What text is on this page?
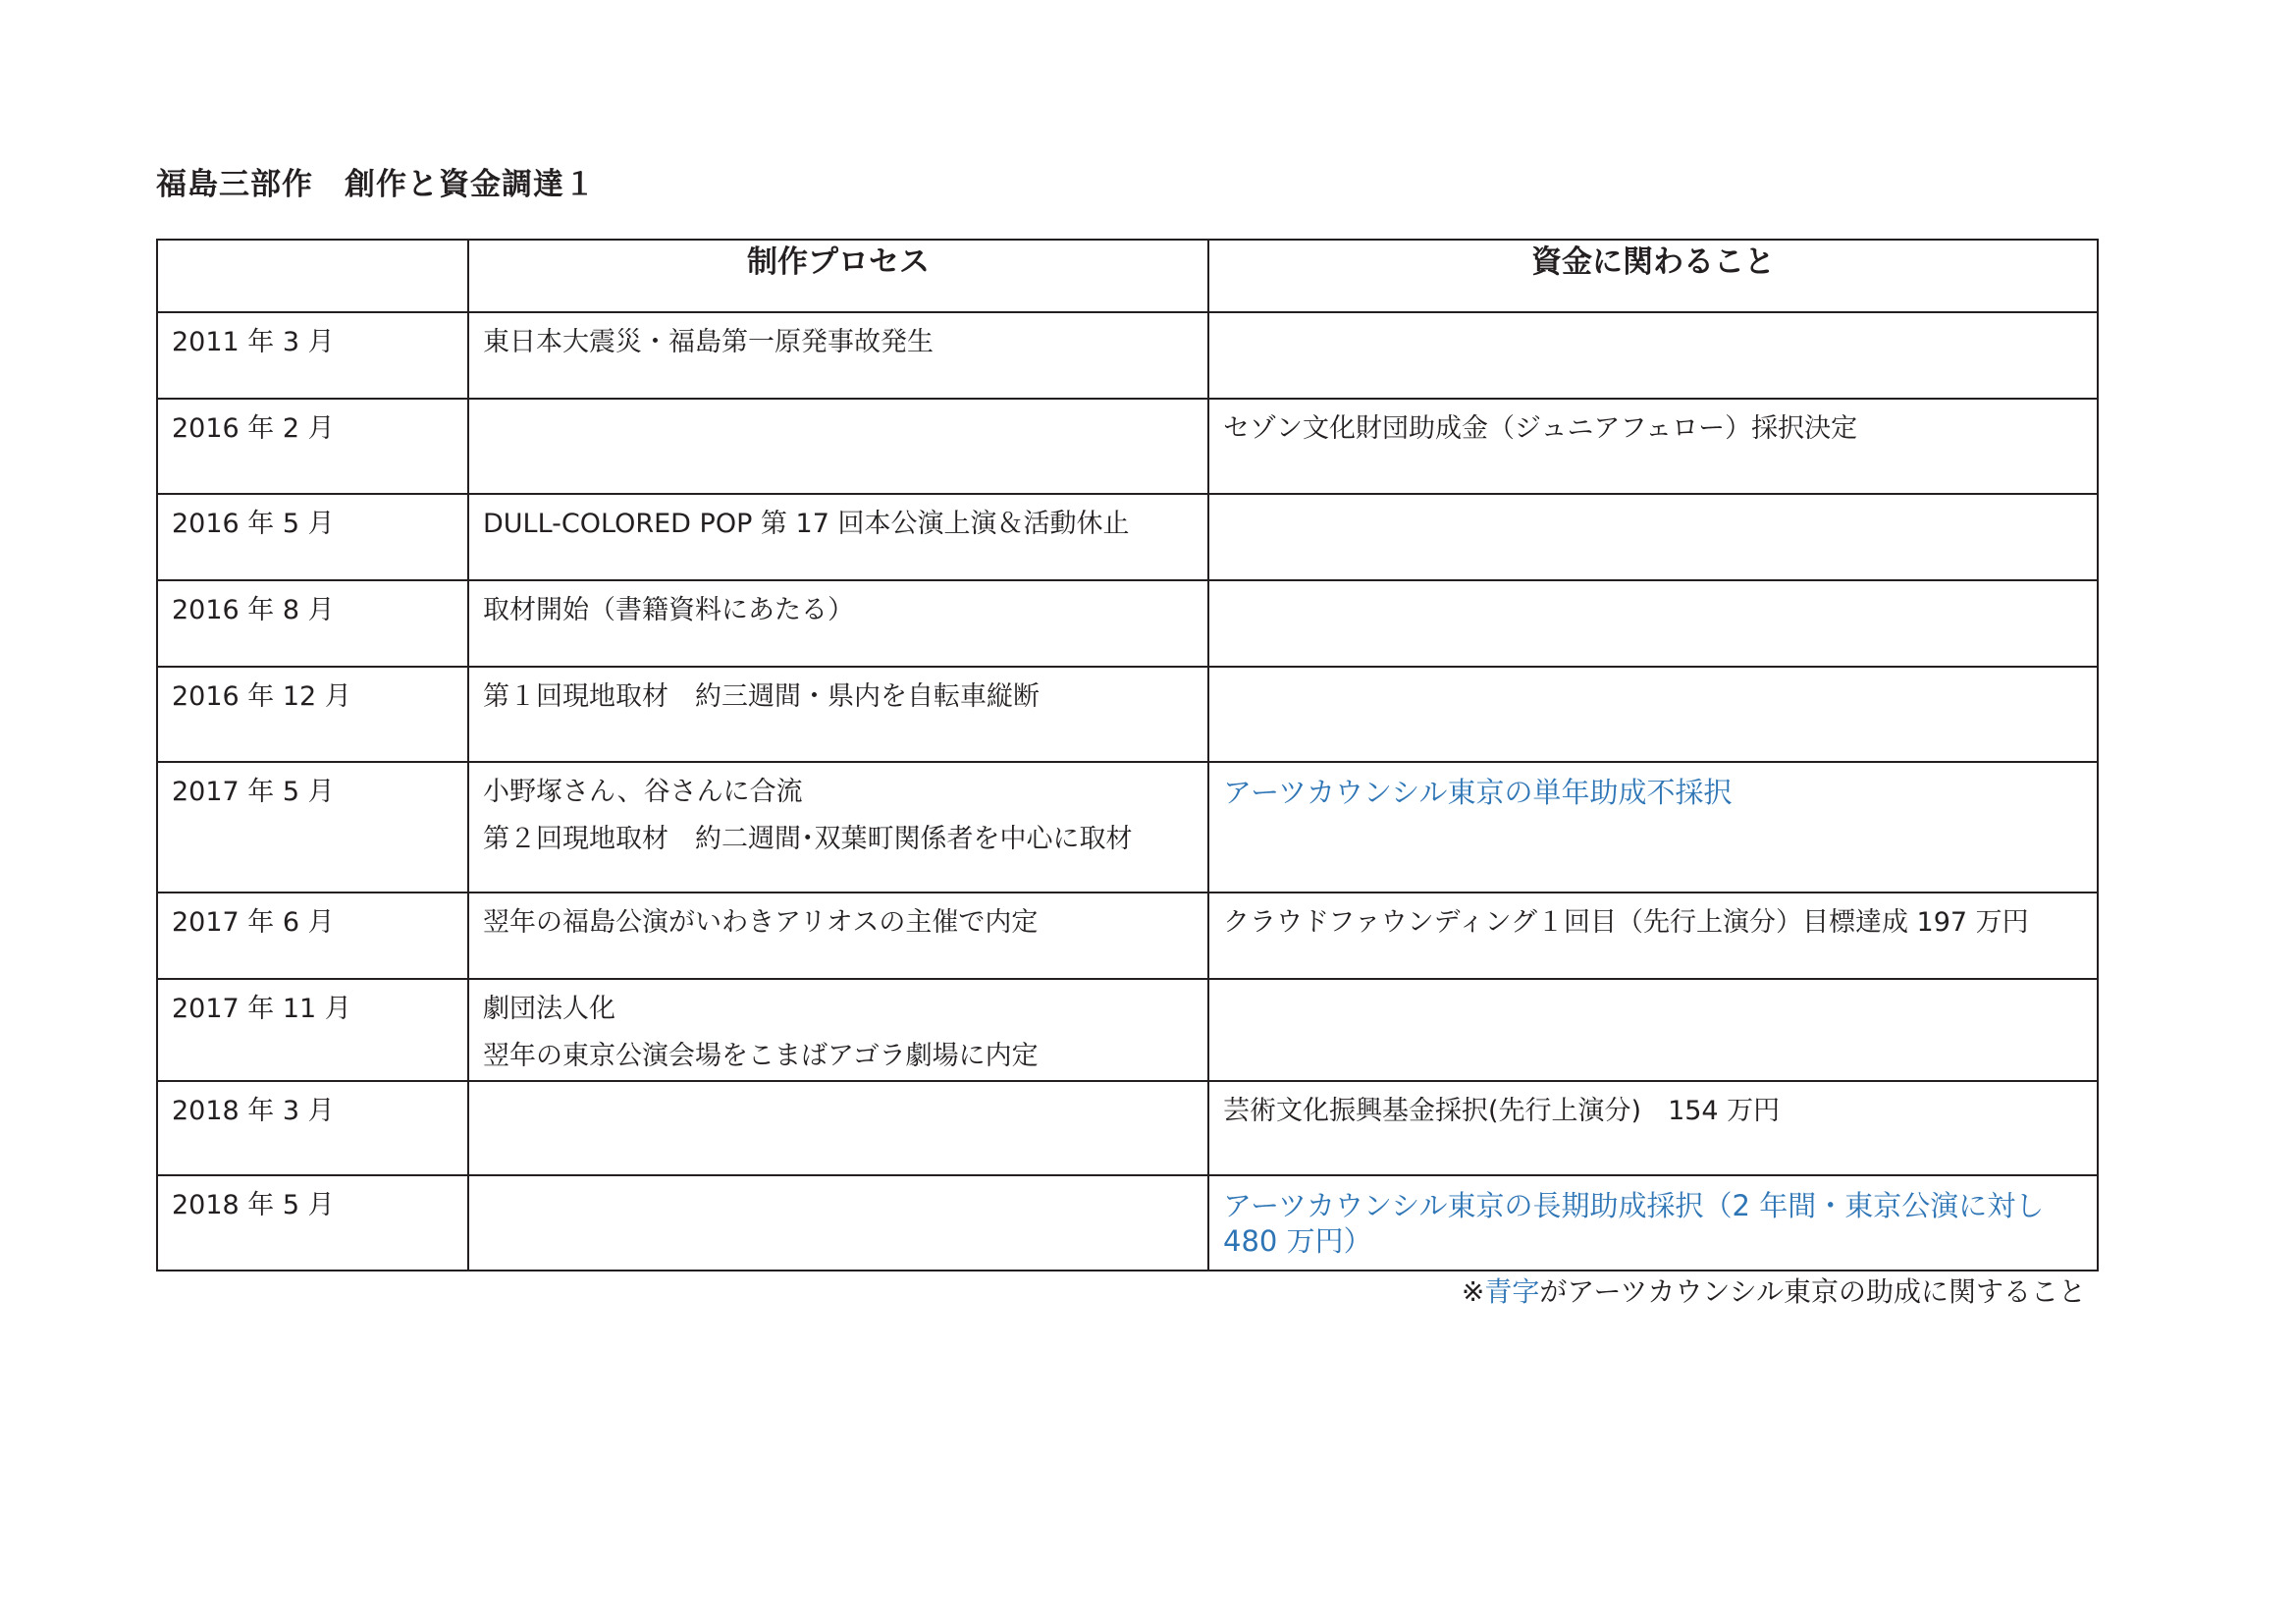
福島三部作　創作と資金調達１
	制作プロセス	資金に関わること
2011 年 3 月	東日本大震災・福島第一原発事故発生	

2016 年 2 月		セゾン文化財団助成金（ジュニアフェロー）採択決定

2016 年 5 月	DULL-COLORED POP 第 17 回本公演上演＆活動休止	

2016 年 8 月	取材開始（書籍資料にあたる）	

2016 年 12 月	第１回現地取材　約三週間・県内を自転車縦断	

2017 年 5 月	小野塚さん、谷さんに合流
第２回現地取材　約二週間･双葉町関係者を中心に取材	アーツカウンシル東京の単年助成不採択

2017 年 6 月	翌年の福島公演がいわきアリオスの主催で内定	クラウドファウンディング１回目（先行上演分）目標達成 197 万円

2017 年 11 月	劇団法人化
翌年の東京公演会場をこまばアゴラ劇場に内定	

2018 年 3 月		芸術文化振興基金採択(先行上演分)　154 万円

2018 年 5 月		アーツカウンシル東京の長期助成採択（2 年間・東京公演に対し 480 万円）
※青字がアーツカウンシル東京の助成に関すること
